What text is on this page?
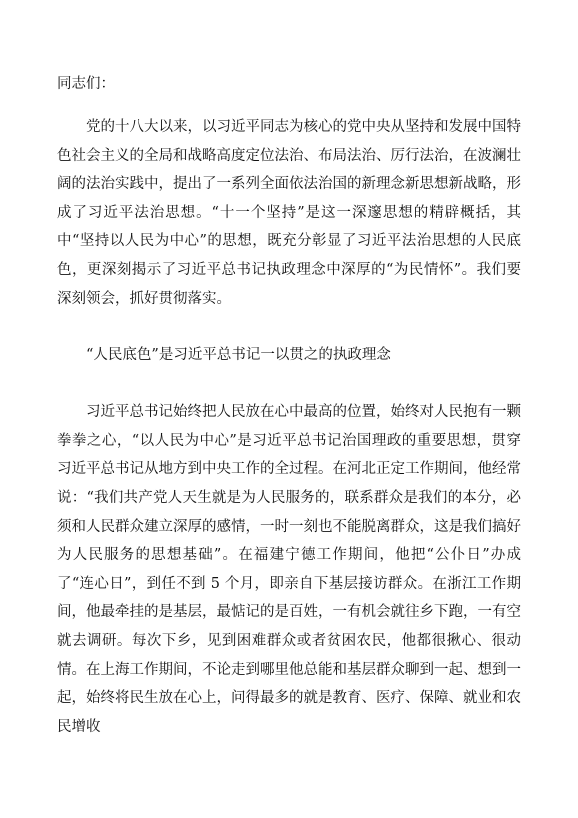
同志们：

党的十八大以来，以习近平同志为核心的党中央从坚持和发展中国特色社会主义的全局和战略高度定位法治、布局法治、厉行法治，在波澜壮阔的法治实践中，提出了一系列全面依法治国的新理念新思想新战略，形成了习近平法治思想。“十一个坚持”是这一深邃思想的精辟概括，其中“坚持以人民为中心”的思想，既充分彰显了习近平法治思想的人民底色，更深刻揭示了习近平总书记执政理念中深厚的“为民情怀”。我们要深刻领会，抓好贯彻落实。

“人民底色”是习近平总书记一以贯之的执政理念

习近平总书记始终把人民放在心中最高的位置，始终对人民抱有一颗拳拳之心，“以人民为中心”是习近平总书记治国理政的重要思想，贯穿习近平总书记从地方到中央工作的全过程。在河北正定工作期间，他经常说：“我们共产党人天生就是为人民服务的，联系群众是我们的本分，必须和人民群众建立深厚的感情，一时一刻也不能脱离群众，这是我们搞好为人民服务的思想基础”。在福建宁德工作期间，他把“公仆日”办成了“连心日”，到任不到 5 个月，即亲自下基层接访群众。在浙江工作期间，他最牵挂的是基层，最惦记的是百姓，一有机会就往乡下跑，一有空就去调研。每次下乡，见到困难群众或者贫困农民，他都很揪心、很动情。在上海工作期间，不论走到哪里他总能和基层群众聊到一起、想到一起，始终将民生放在心上，问得最多的就是教育、医疗、保障、就业和农民增收
